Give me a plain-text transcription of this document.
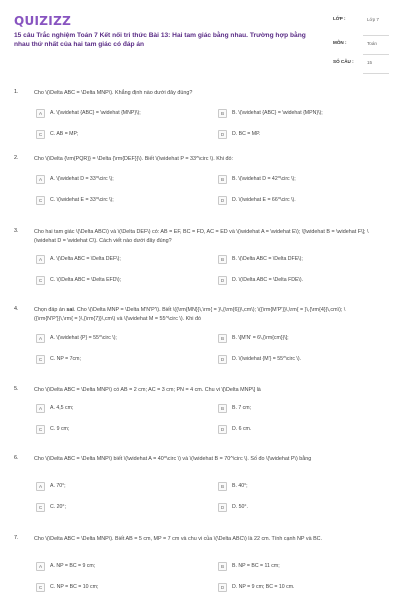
QUIZIZZ
15 câu Trắc nghiệm Toán 7 Kết nối tri thức Bài 13: Hai tam giác bằng nhau. Trường hợp bằng nhau thứ nhất của hai tam giác có đáp án
LỚP :	Lớp 7
MÔN :	Toán
SỐ CÂU :	15
1.	Cho \(\Delta ABC = \Delta MNP\). Khẳng định nào dưới đây đúng?
A	A. \(\widehat {ABC} = \widehat {MNP}\);	B	B. \(\widehat {ABC} = \widehat {MPN}\);
C	C. AB = MP;	D	D. BC = MP.
2.	Cho \(\Delta {\rm{PQR}} = \Delta {\rm{DEF}}\). Biết \(\widehat P = 33^\circ \). Khi đó:
A	A. \(\widehat D = 33^\circ \);	B	B. \(\widehat D = 42^\circ \);
C	C. \(\widehat E = 33^\circ \);	D	D. \(\widehat E = 66^\circ \).
3.	Cho hai tam giác \(\Delta ABC\) và \(\Delta DEF\) có: AB = EF, BC = FD, AC = ED và \(\widehat A = \widehat E\); \[\widehat B = \widehat F\]; \(\widehat D = \widehat C\). Cách viết nào dưới đây đúng?
A	A. \(\Delta ABC = \Delta DEF\);	B	B. \(\Delta ABC = \Delta DFE\);
C	C. \(\Delta ABC = \Delta EFD\);	D	D. \(\Delta ABC = \Delta FDE\).
4.	Chọn đáp án sai. Cho \(\Delta MNP = \Delta M'N'P'\). Biết \({\rm{MN}}\,\rm{ = }\,{\rm{6}}\,cm\); \({\rm{M'P'}}\,\rm{ = }\,{\rm{4}}\,cm\); \({\rm{N'P'}}\,\rm{ = }\,{\rm{7}}\,cm\) và \(\widehat M = 55^\circ \). Khi đó
A	A. \(\widehat {P} = 55^\circ \);	B	B. \[M'N' = 6\,{\rm{cm}}\];
C	C. NP = 7cm;	D	D. \(\widehat {M'} = 55^\circ \).
5.	Cho \(\Delta ABC = \Delta MNP\) có AB = 2 cm; AC = 3 cm; PN = 4 cm. Chu vi \[\Delta MNP\] là
A	A. 4,5 cm;	B	B. 7 cm;
C	C. 9 cm;	D	D. 6 cm.
6.	Cho \(\Delta ABC = \Delta MNP\) biết \(\widehat A = 40^\circ \) và \(\widehat B = 70^\circ \). Số đo \(\widehat P\) bằng
A	A. 70°;	B	B. 40°;
C	C. 20°;	D	D. 50°.
7.	Cho \(\Delta ABC = \Delta MNP\). Biết AB = 5 cm, MP = 7 cm và chu vi của \(\Delta ABC\) là 22 cm. Tính cạnh NP và BC.
A	A. NP = BC = 9 cm;	B	B. NP = BC = 11 cm;
C	C. NP = BC = 10 cm;	D	D. NP = 9 cm; BC = 10 cm.
